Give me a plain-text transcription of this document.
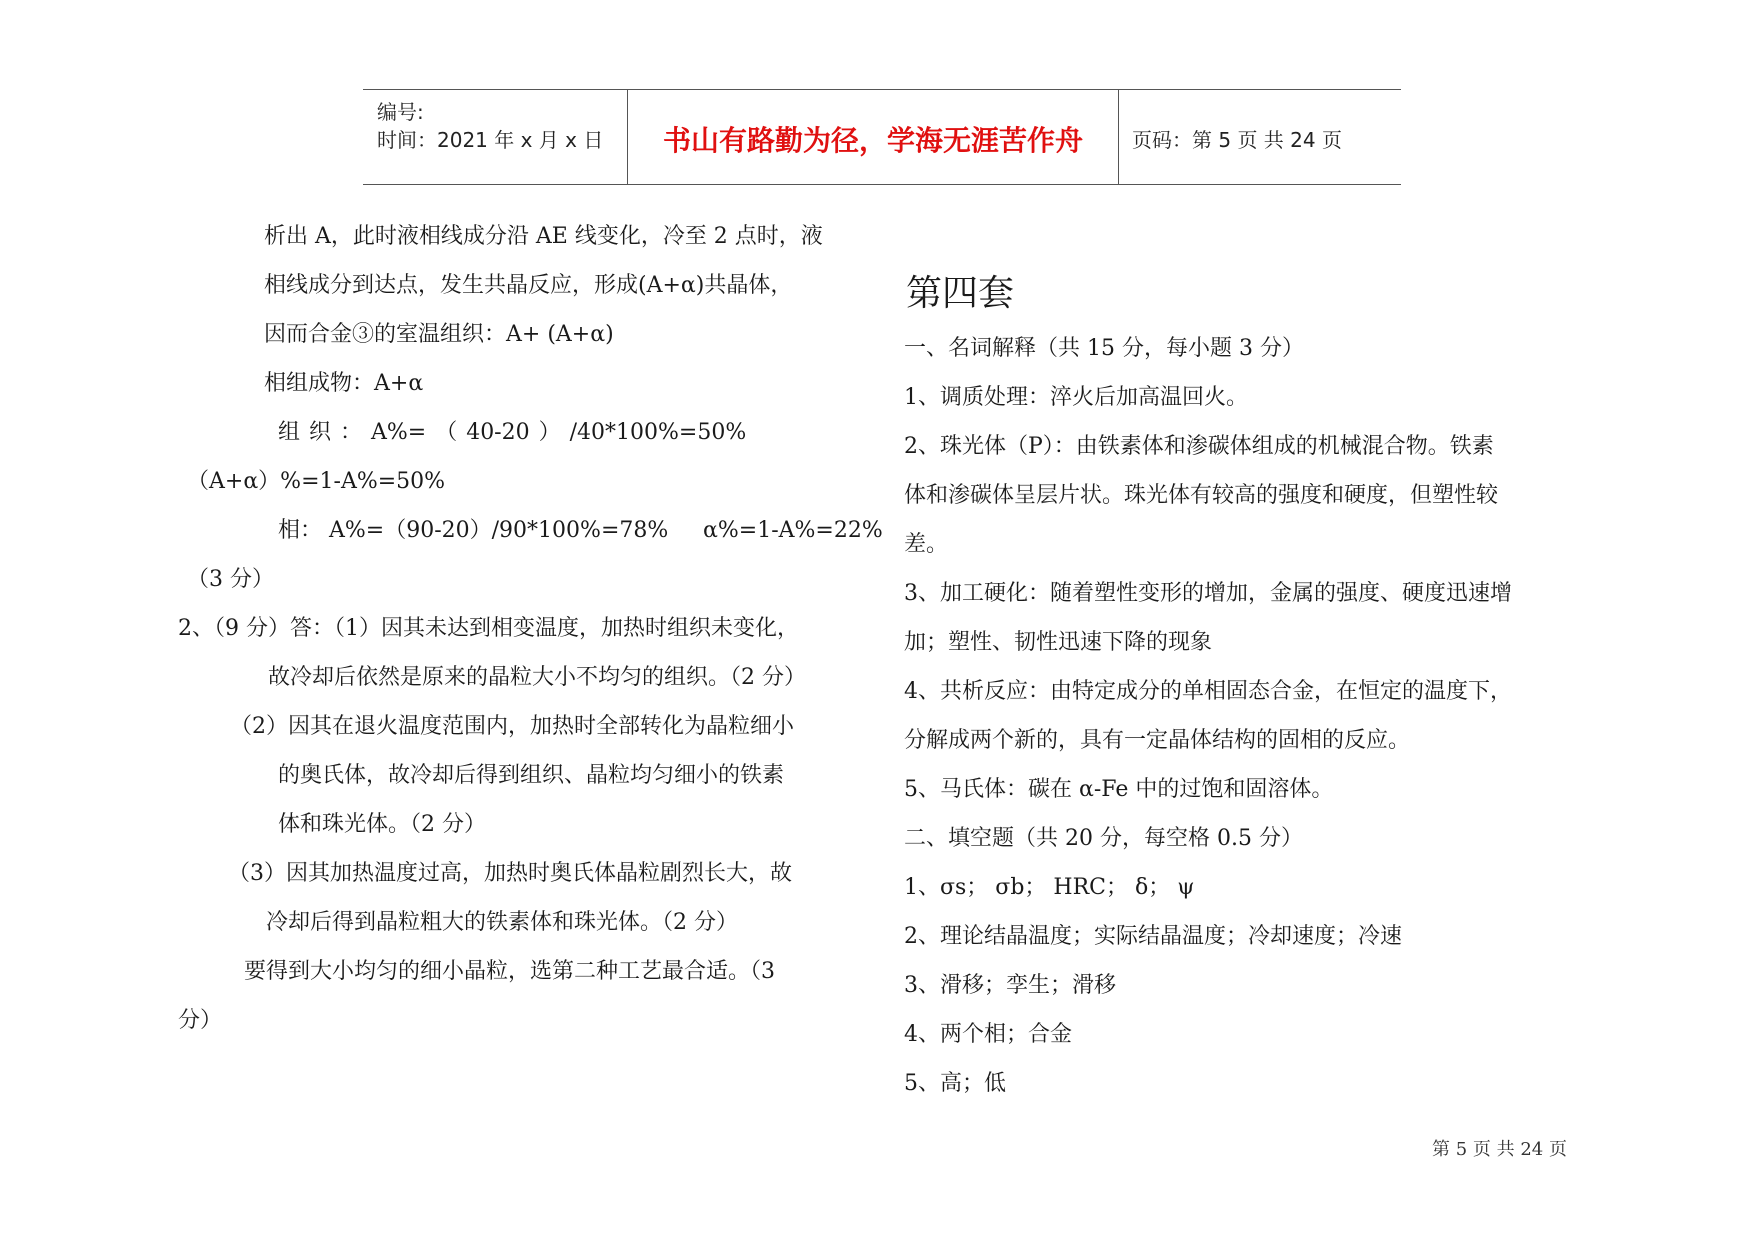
编号:
时间：2021 年 x 月 x 日	书山有路勤为径，学海无涯苦作舟	页码：第 5 页 共 24 页
析出 A，此时液相线成分沿 AE 线变化，冷至 2 点时，液
相线成分到达点，发生共晶反应，形成(A+α)共晶体，
因而合金③的室温组织：A+ (A+α)
相组成物：A+α
组 织 ： A%= （ 40-20 ） /40*100%=50%
（A+α）%=1-A%=50%
相： A%=（90-20）/90*100%=78% α%=1-A%=22%
（3 分）
2、（9 分）答：（1）因其未达到相变温度，加热时组织未变化，
故冷却后依然是原来的晶粒大小不均匀的组织。（2 分）
（2）因其在退火温度范围内，加热时全部转化为晶粒细小
的奥氏体，故冷却后得到组织、晶粒均匀细小的铁素
体和珠光体。（2 分）
（3）因其加热温度过高，加热时奥氏体晶粒剧烈长大，故
冷却后得到晶粒粗大的铁素体和珠光体。（2 分）
要得到大小均匀的细小晶粒，选第二种工艺最合适。（3
分）
第四套
一、名词解释（共 15 分，每小题 3 分）
1、调质处理：淬火后加高温回火。
2、珠光体（P）：由铁素体和渗碳体组成的机械混合物。铁素
体和渗碳体呈层片状。珠光体有较高的强度和硬度，但塑性较
差。
3、加工硬化：随着塑性变形的增加，金属的强度、硬度迅速增
加；塑性、韧性迅速下降的现象
4、共析反应：由特定成分的单相固态合金，在恒定的温度下，
分解成两个新的，具有一定晶体结构的固相的反应。
5、马氏体：碳在 α-Fe 中的过饱和固溶体。
二、填空题（共 20 分，每空格 0.5 分）
1、σs； σb； HRC； δ； ψ
2、理论结晶温度；实际结晶温度；冷却速度；冷速
3、滑移；孪生；滑移
4、两个相；合金
5、高；低
第 5 页 共 24 页
